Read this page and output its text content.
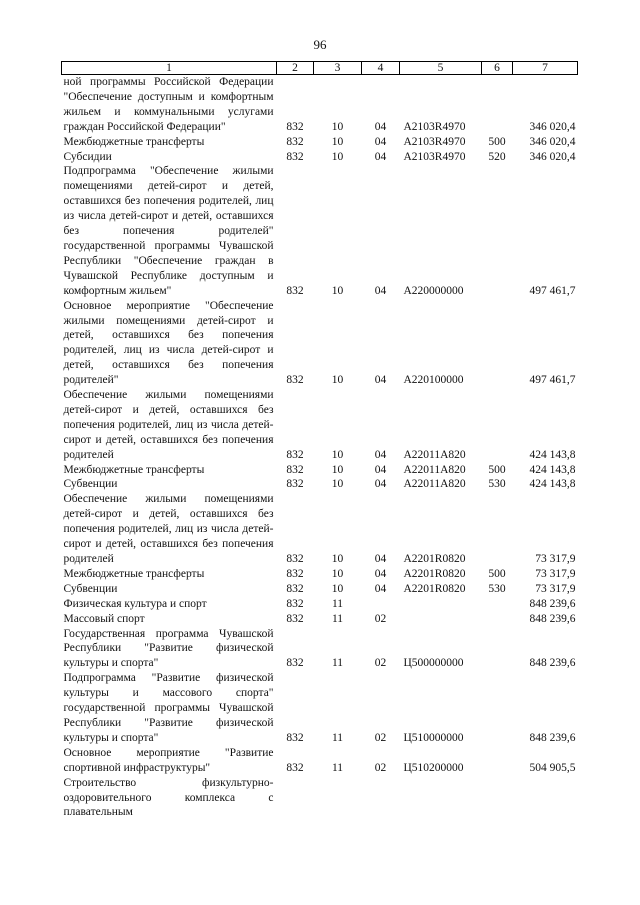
96
1	2	3	4	5	6	7
ной программы Российской Федерации "Обеспечение доступным и комфортным жильем и коммунальными услугами граждан Российской Федерации"	832	10	04	А2103R4970		346 020,4
Межбюджетные трансферты	832	10	04	А2103R4970	500	346 020,4
Субсидии	832	10	04	А2103R4970	520	346 020,4
Подпрограмма "Обеспечение жилыми помещениями детей-сирот и детей, оставшихся без попечения родителей, лиц из числа детей-сирот и детей, оставшихся без попечения родителей" государственной программы Чувашской Республики "Обеспечение граждан в Чувашской Республике доступным и комфортным жильем"	832	10	04	А220000000		497 461,7
Основное мероприятие "Обеспечение жилыми помещениями детей-сирот и детей, оставшихся без попечения родителей, лиц из числа детей-сирот и детей, оставшихся без попечения родителей"	832	10	04	А220100000		497 461,7
Обеспечение жилыми помещениями детей-сирот и детей, оставшихся без попечения родителей, лиц из числа детей-сирот и детей, оставшихся без попечения родителей	832	10	04	А22011А820		424 143,8
Межбюджетные трансферты	832	10	04	А22011А820	500	424 143,8
Субвенции	832	10	04	А22011А820	530	424 143,8
Обеспечение жилыми помещениями детей-сирот и детей, оставшихся без попечения родителей, лиц из числа детей-сирот и детей, оставшихся без попечения родителей	832	10	04	А2201R0820		73 317,9
Межбюджетные трансферты	832	10	04	А2201R0820	500	73 317,9
Субвенции	832	10	04	А2201R0820	530	73 317,9
Физическая культура и спорт	832	11				848 239,6
Массовый спорт	832	11	02			848 239,6
Государственная программа Чувашской Республики "Развитие физической культуры и спорта"	832	11	02	Ц500000000		848 239,6
Подпрограмма "Развитие физической культуры и массового спорта" государственной программы Чувашской Республики "Развитие физической культуры и спорта"	832	11	02	Ц510000000		848 239,6
Основное мероприятие "Развитие спортивной инфраструктуры"	832	11	02	Ц510200000		504 905,5
Строительство физкультурно-оздоровительного комплекса с плавательным						
